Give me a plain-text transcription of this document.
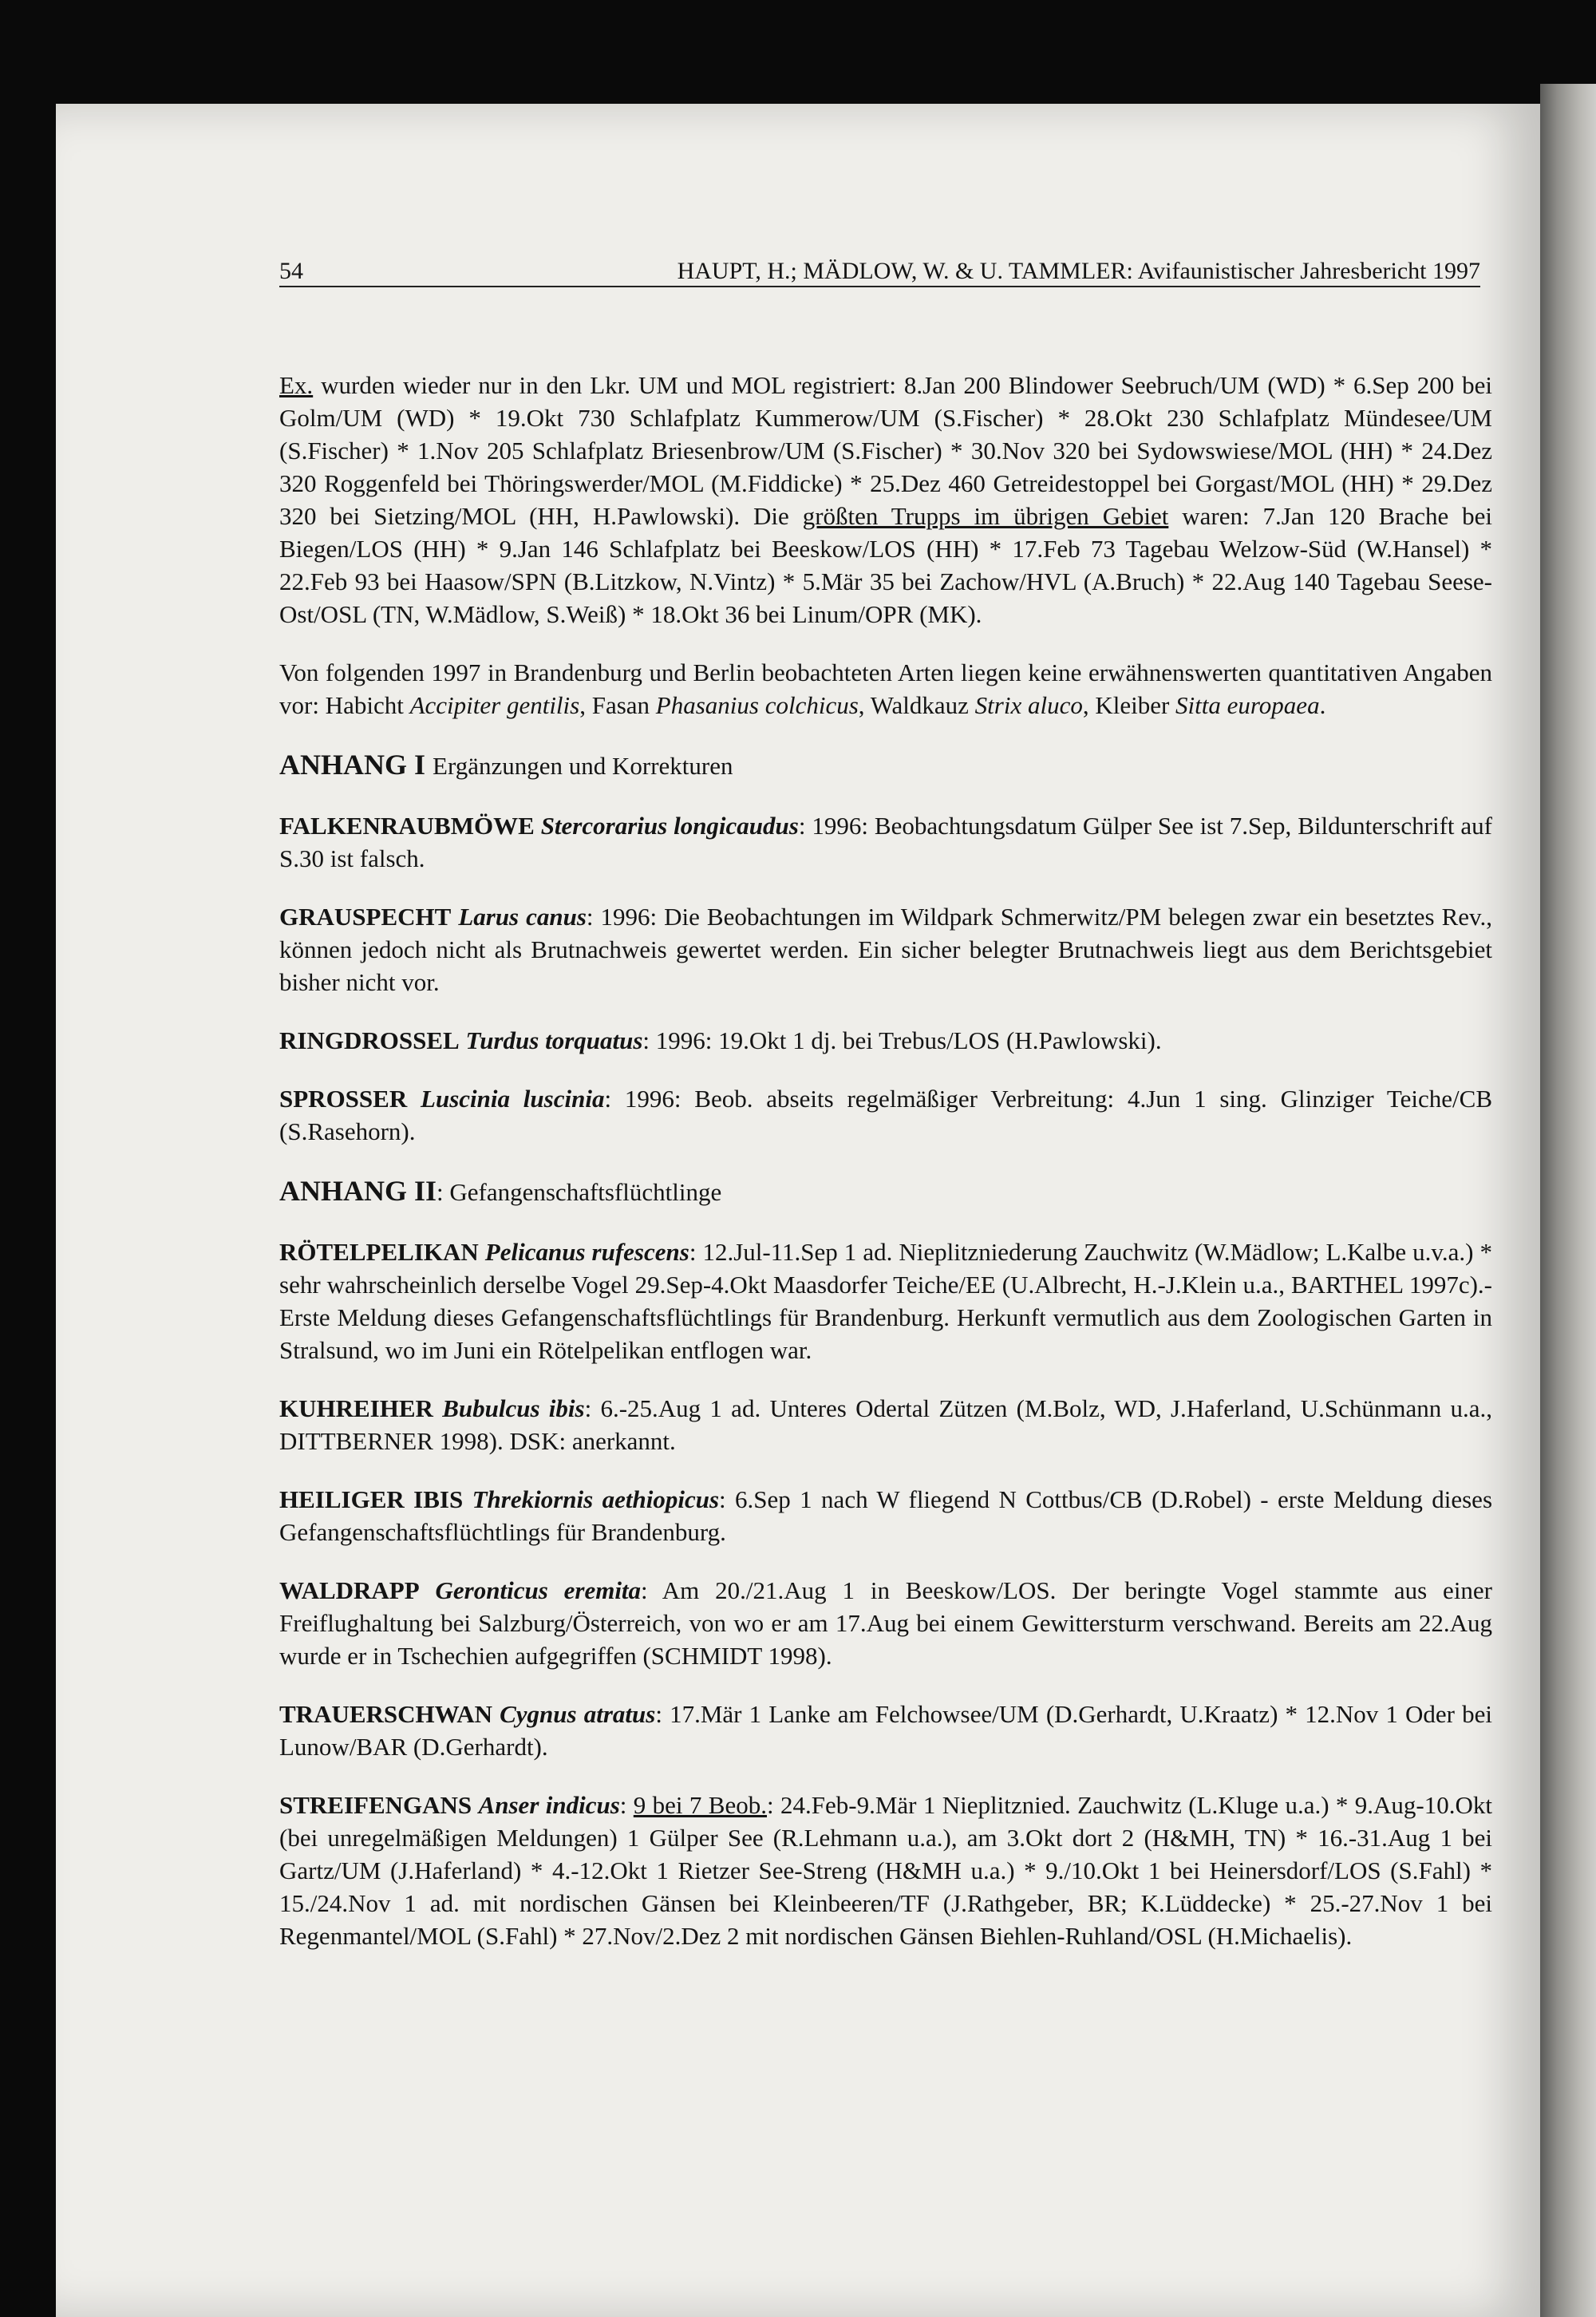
54	HAUPT, H.; MÄDLOW, W. & U. TAMMLER: Avifaunistischer Jahresbericht 1997

Ex. wurden wieder nur in den Lkr. UM und MOL registriert: 8.Jan 200 Blindower Seebruch/UM (WD) * 6.Sep 200 bei Golm/UM (WD) * 19.Okt 730 Schlafplatz Kummerow/UM (S.Fischer) * 28.Okt 230 Schlafplatz Mündesee/UM (S.Fischer) * 1.Nov 205 Schlafplatz Briesenbrow/UM (S.Fischer) * 30.Nov 320 bei Sydowswiese/MOL (HH) * 24.Dez 320 Roggenfeld bei Thöringswerder/MOL (M.Fiddicke) * 25.Dez 460 Getreidestoppel bei Gorgast/MOL (HH) * 29.Dez 320 bei Sietzing/MOL (HH, H.Pawlowski). Die größten Trupps im übrigen Gebiet waren: 7.Jan 120 Brache bei Biegen/LOS (HH) * 9.Jan 146 Schlafplatz bei Beeskow/LOS (HH) * 17.Feb 73 Tagebau Welzow-Süd (W.Hansel) * 22.Feb 93 bei Haasow/SPN (B.Litzkow, N.Vintz) * 5.Mär 35 bei Zachow/HVL (A.Bruch) * 22.Aug 140 Tagebau Seese-Ost/OSL (TN, W.Mädlow, S.Weiß) * 18.Okt 36 bei Linum/OPR (MK).

Von folgenden 1997 in Brandenburg und Berlin beobachteten Arten liegen keine erwähnenswerten quantitativen Angaben vor: Habicht Accipiter gentilis, Fasan Phasanius colchicus, Waldkauz Strix aluco, Kleiber Sitta europaea.

ANHANG I Ergänzungen und Korrekturen

FALKENRAUBMÖWE Stercorarius longicaudus: 1996: Beobachtungsdatum Gülper See ist 7.Sep, Bildunterschrift auf S.30 ist falsch.

GRAUSPECHT Larus canus: 1996: Die Beobachtungen im Wildpark Schmerwitz/PM belegen zwar ein besetztes Rev., können jedoch nicht als Brutnachweis gewertet werden. Ein sicher belegter Brutnachweis liegt aus dem Berichtsgebiet bisher nicht vor.

RINGDROSSEL Turdus torquatus: 1996: 19.Okt 1 dj. bei Trebus/LOS (H.Pawlowski).

SPROSSER Luscinia luscinia: 1996: Beob. abseits regelmäßiger Verbreitung: 4.Jun 1 sing. Glinziger Teiche/CB (S.Rasehorn).

ANHANG II: Gefangenschaftsflüchtlinge

RÖTELPELIKAN Pelicanus rufescens: 12.Jul-11.Sep 1 ad. Nieplitzniederung Zauchwitz (W.Mädlow; L.Kalbe u.v.a.) * sehr wahrscheinlich derselbe Vogel 29.Sep-4.Okt Maasdorfer Teiche/EE (U.Albrecht, H.-J.Klein u.a., BARTHEL 1997c).- Erste Meldung dieses Gefangenschaftsflüchtlings für Brandenburg. Herkunft vermutlich aus dem Zoologischen Garten in Stralsund, wo im Juni ein Rötelpelikan entflogen war.

KUHREIHER Bubulcus ibis: 6.-25.Aug 1 ad. Unteres Odertal Zützen (M.Bolz, WD, J.Haferland, U.Schünmann u.a., DITTBERNER 1998). DSK: anerkannt.

HEILIGER IBIS Threkiornis aethiopicus: 6.Sep 1 nach W fliegend N Cottbus/CB (D.Robel) - erste Meldung dieses Gefangenschaftsflüchtlings für Brandenburg.

WALDRAPP Geronticus eremita: Am 20./21.Aug 1 in Beeskow/LOS. Der beringte Vogel stammte aus einer Freiflughaltung bei Salzburg/Österreich, von wo er am 17.Aug bei einem Gewittersturm verschwand. Bereits am 22.Aug wurde er in Tschechien aufgegriffen (SCHMIDT 1998).

TRAUERSCHWAN Cygnus atratus: 17.Mär 1 Lanke am Felchowsee/UM (D.Gerhardt, U.Kraatz) * 12.Nov 1 Oder bei Lunow/BAR (D.Gerhardt).

STREIFENGANS Anser indicus: 9 bei 7 Beob.: 24.Feb-9.Mär 1 Nieplitznied. Zauchwitz (L.Kluge u.a.) * 9.Aug-10.Okt (bei unregelmäßigen Meldungen) 1 Gülper See (R.Lehmann u.a.), am 3.Okt dort 2 (H&MH, TN) * 16.-31.Aug 1 bei Gartz/UM (J.Haferland) * 4.-12.Okt 1 Rietzer See-Streng (H&MH u.a.) * 9./10.Okt 1 bei Heinersdorf/LOS (S.Fahl) * 15./24.Nov 1 ad. mit nordischen Gänsen bei Kleinbeeren/TF (J.Rathgeber, BR; K.Lüddecke) * 25.-27.Nov 1 bei Regenmantel/MOL (S.Fahl) * 27.Nov/2.Dez 2 mit nordischen Gänsen Biehlen-Ruhland/OSL (H.Michaelis).
